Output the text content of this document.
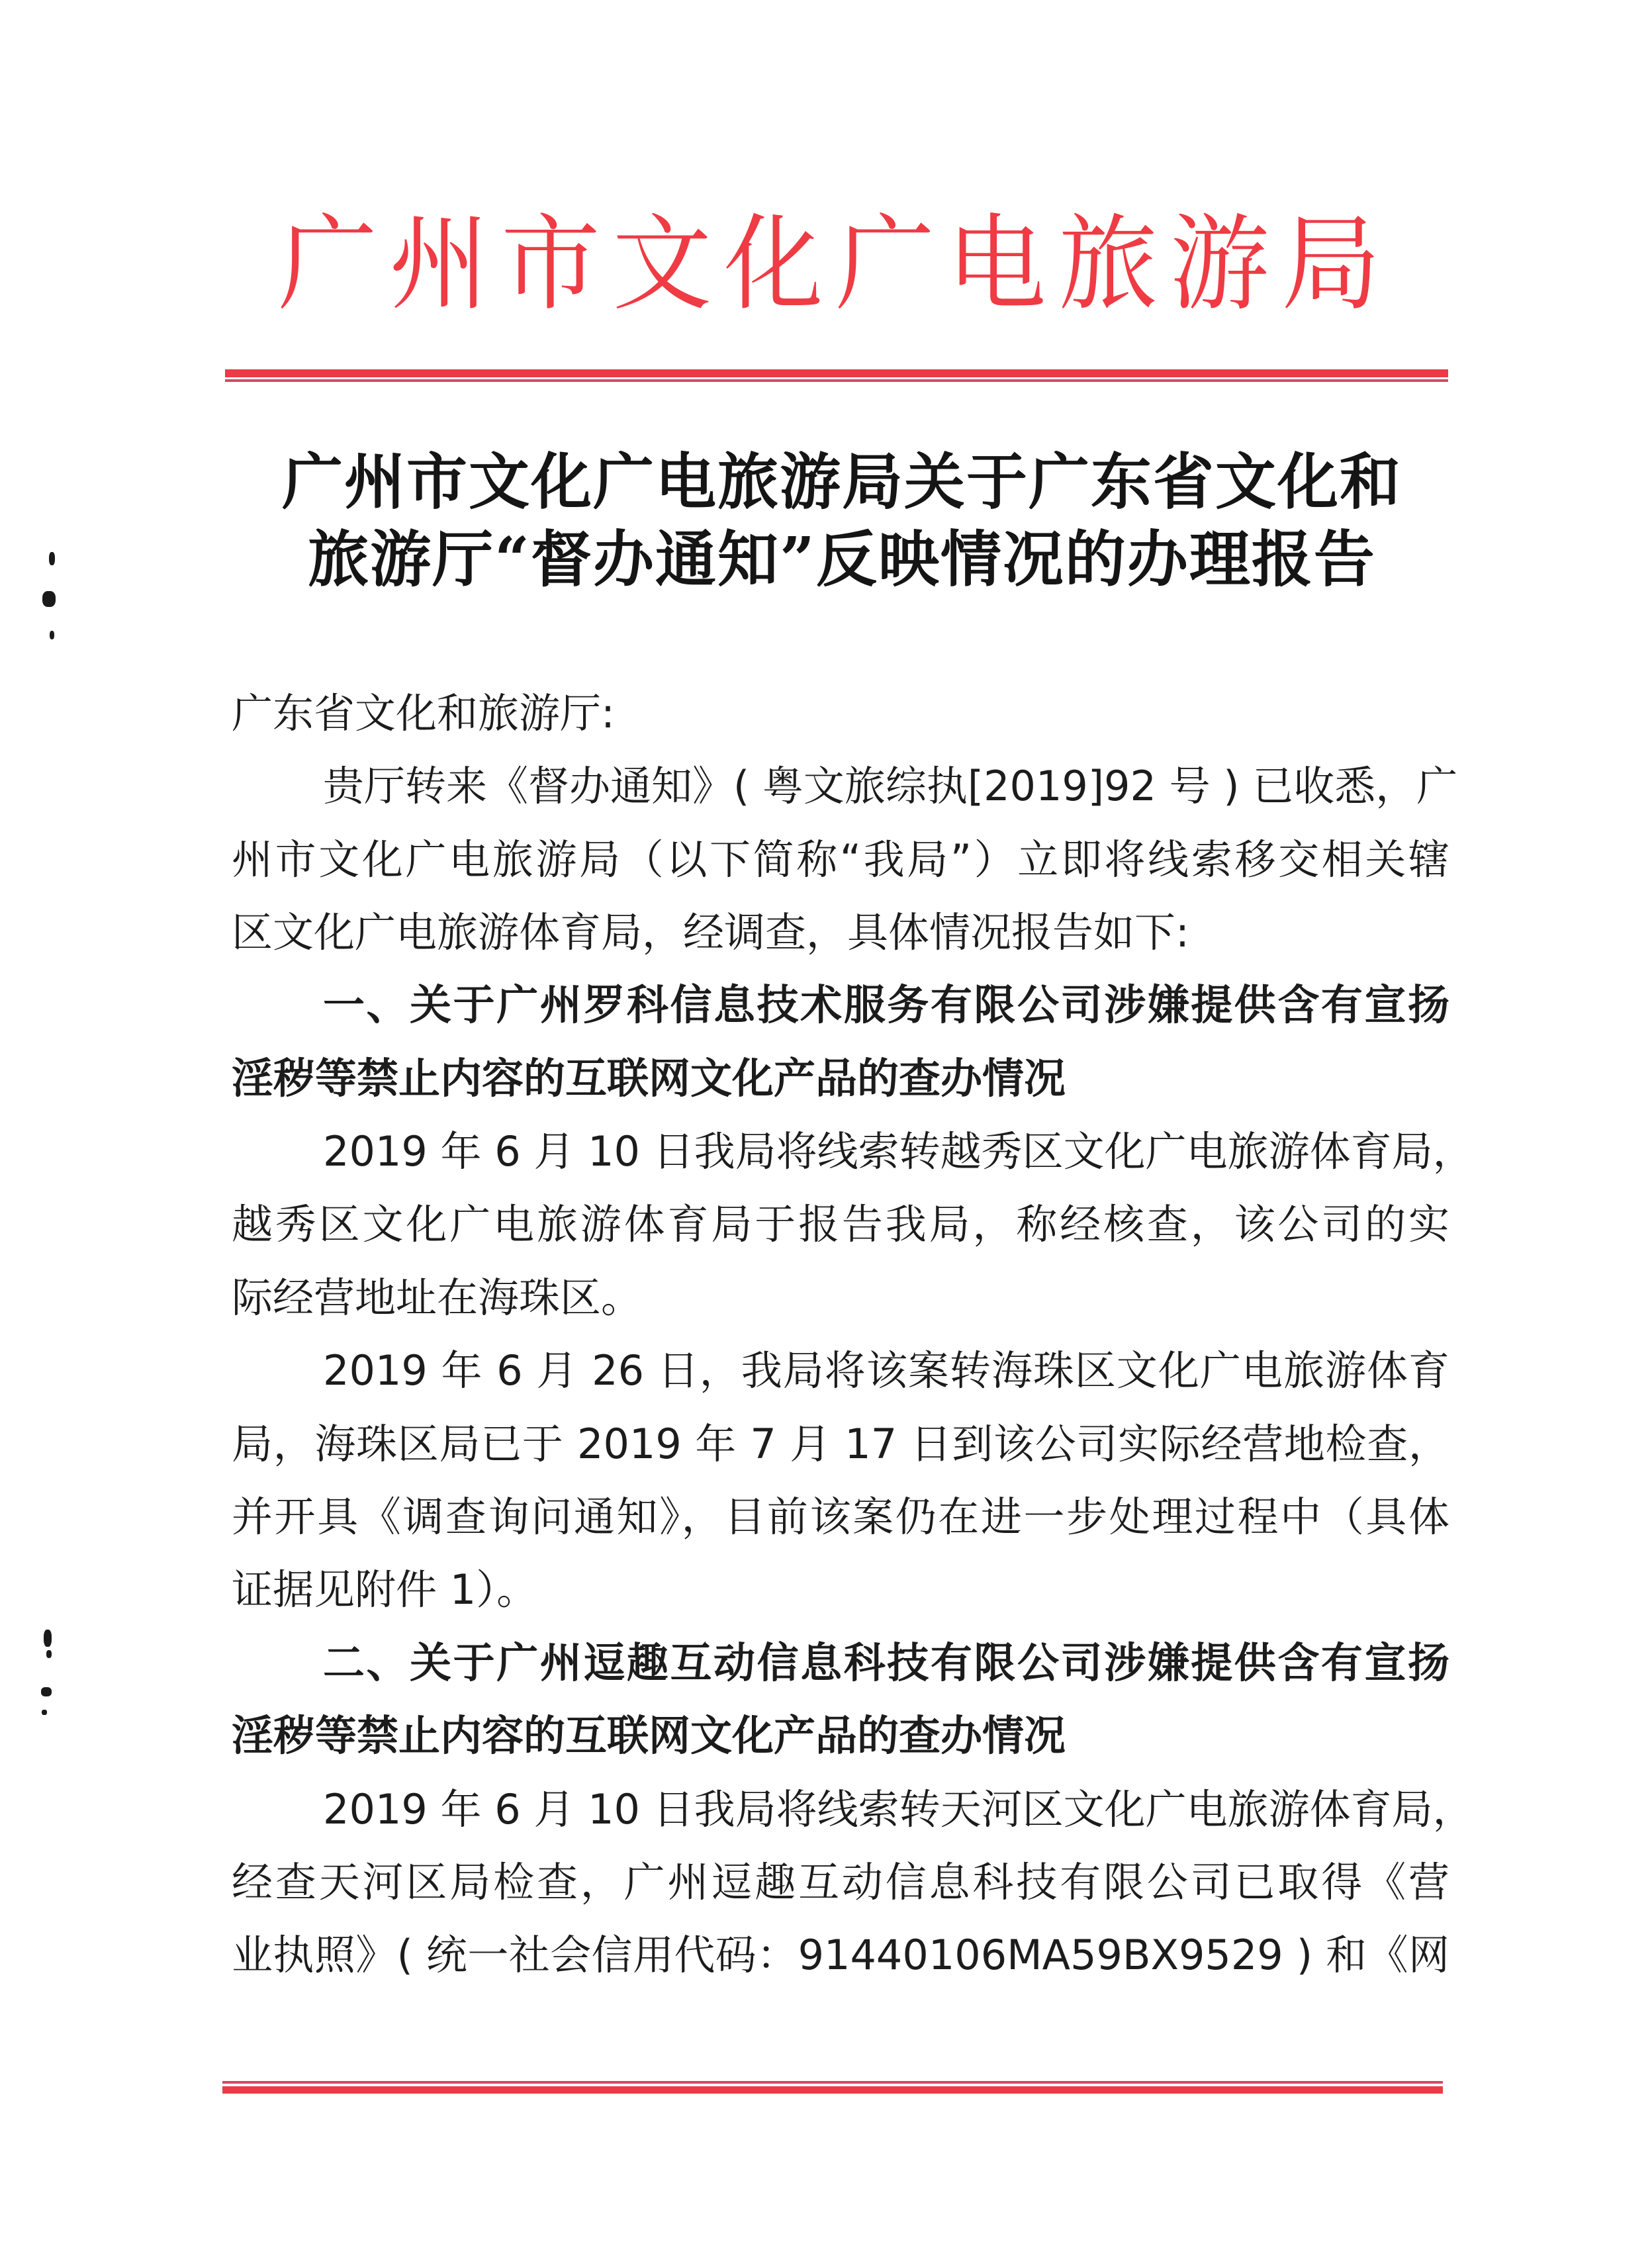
广州市文化广电旅游局
广州市文化广电旅游局关于广东省文化和
旅游厅“督办通知”反映情况的办理报告
广东省文化和旅游厅:
贵厅转来《督办通知》( 粤文旅综执[2019]92 号 ) 已收悉，广
州市文化广电旅游局（以下简称“我局”）立即将线索移交相关辖
区文化广电旅游体育局，经调查，具体情况报告如下:
一、关于广州罗科信息技术服务有限公司涉嫌提供含有宣扬
淫秽等禁止内容的互联网文化产品的查办情况
2019 年 6 月 10 日我局将线索转越秀区文化广电旅游体育局，
越秀区文化广电旅游体育局于报告我局，称经核查，该公司的实
际经营地址在海珠区。
2019 年 6 月 26 日，我局将该案转海珠区文化广电旅游体育
局，海珠区局已于 2019 年 7 月 17 日到该公司实际经营地检查，
并开具《调查询问通知》，目前该案仍在进一步处理过程中（具体
证据见附件 1）。
二、关于广州逗趣互动信息科技有限公司涉嫌提供含有宣扬
淫秽等禁止内容的互联网文化产品的查办情况
2019 年 6 月 10 日我局将线索转天河区文化广电旅游体育局，
经查天河区局检查，广州逗趣互动信息科技有限公司已取得《营
业执照》( 统一社会信用代码：91440106MA59BX9529 ) 和《网
